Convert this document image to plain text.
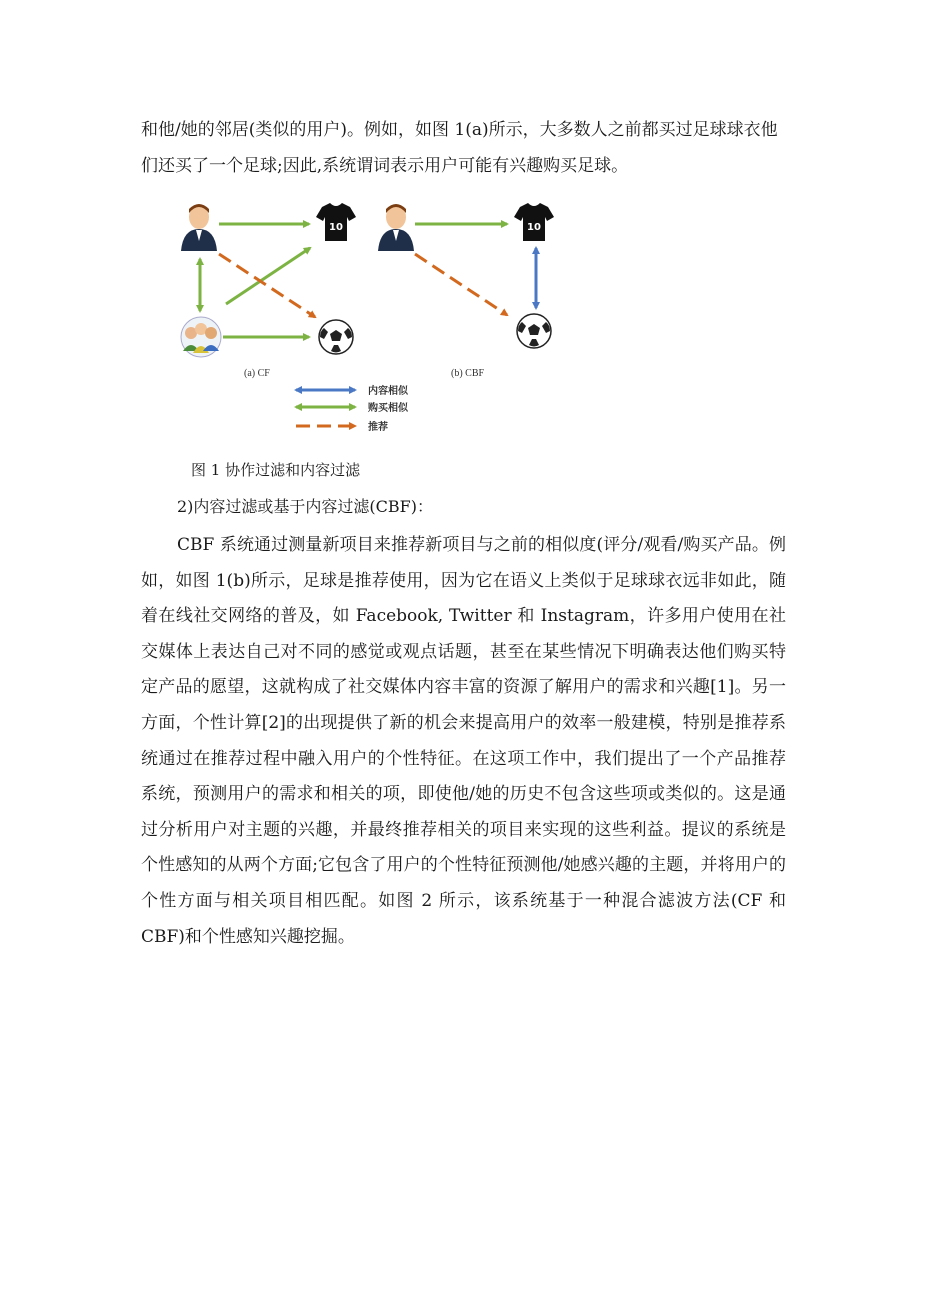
和他/她的邻居(类似的用户)。例如，如图 1(a)所示，大多数人之前都买过足球球衣他们还买了一个足球;因此,系统谓词表示用户可能有兴趣购买足球。

10
(a) CF
10
(b) CBF
内容相似
购买相似
推荐

图 1 协作过滤和内容过滤

2)内容过滤或基于内容过滤(CBF)：

CBF 系统通过测量新项目来推荐新项目与之前的相似度(评分/观看/购买产品。例如，如图 1(b)所示，足球是推荐使用，因为它在语义上类似于足球球衣远非如此，随着在线社交网络的普及，如 Facebook, Twitter 和 Instagram，许多用户使用在社交媒体上表达自己对不同的感觉或观点话题，甚至在某些情况下明确表达他们购买特定产品的愿望，这就构成了社交媒体内容丰富的资源了解用户的需求和兴趣[1]。另一方面，个性计算[2]的出现提供了新的机会来提高用户的效率一般建模，特别是推荐系统通过在推荐过程中融入用户的个性特征。在这项工作中，我们提出了一个产品推荐系统，预测用户的需求和相关的项，即使他/她的历史不包含这些项或类似的。这是通过分析用户对主题的兴趣，并最终推荐相关的项目来实现的这些利益。提议的系统是个性感知的从两个方面;它包含了用户的个性特征预测他/她感兴趣的主题，并将用户的个性方面与相关项目相匹配。如图 2 所示，该系统基于一种混合滤波方法(CF 和 CBF)和个性感知兴趣挖掘。
